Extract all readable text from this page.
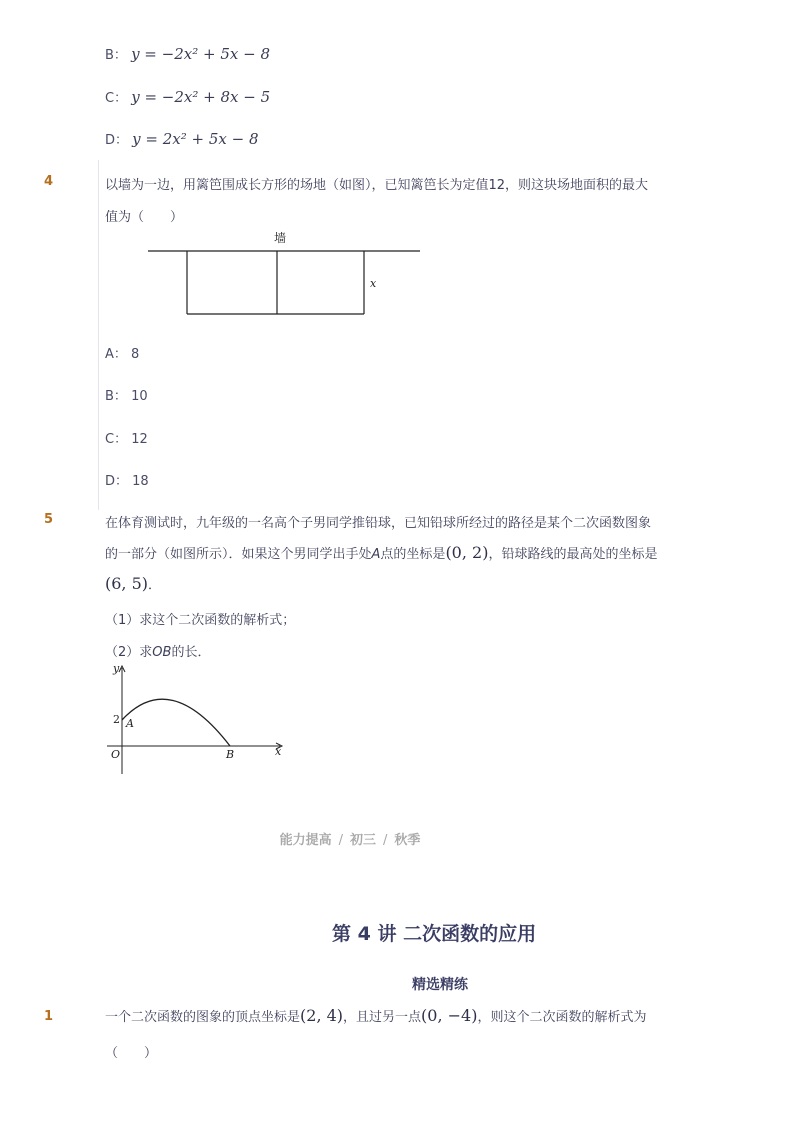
B： y = −2x² + 5x − 8
C： y = −2x² + 8x − 5
D： y = 2x² + 5x − 8
4	以墙为一边，用篱笆围成长方形的场地（如图），已知篱笆长为定值12，则这块场地面积的最大
值为（　　）
墙
x
A： 8
B： 10
C： 12
D： 18
5	在体育测试时，九年级的一名高个子男同学推铅球，已知铅球所经过的路径是某个二次函数图象
的一部分（如图所示）．如果这个男同学出手处A点的坐标是(0, 2)，铅球路线的最高处的坐标是
(6, 5)．
（1）求这个二次函数的解析式；
（2）求OB的长．
y
x
O
2 A
B
能力提高 / 初三 / 秋季
第 4 讲 二次函数的应用
精选精练
1	一个二次函数的图象的顶点坐标是(2, 4)，且过另一点(0, −4)，则这个二次函数的解析式为
（　　）
